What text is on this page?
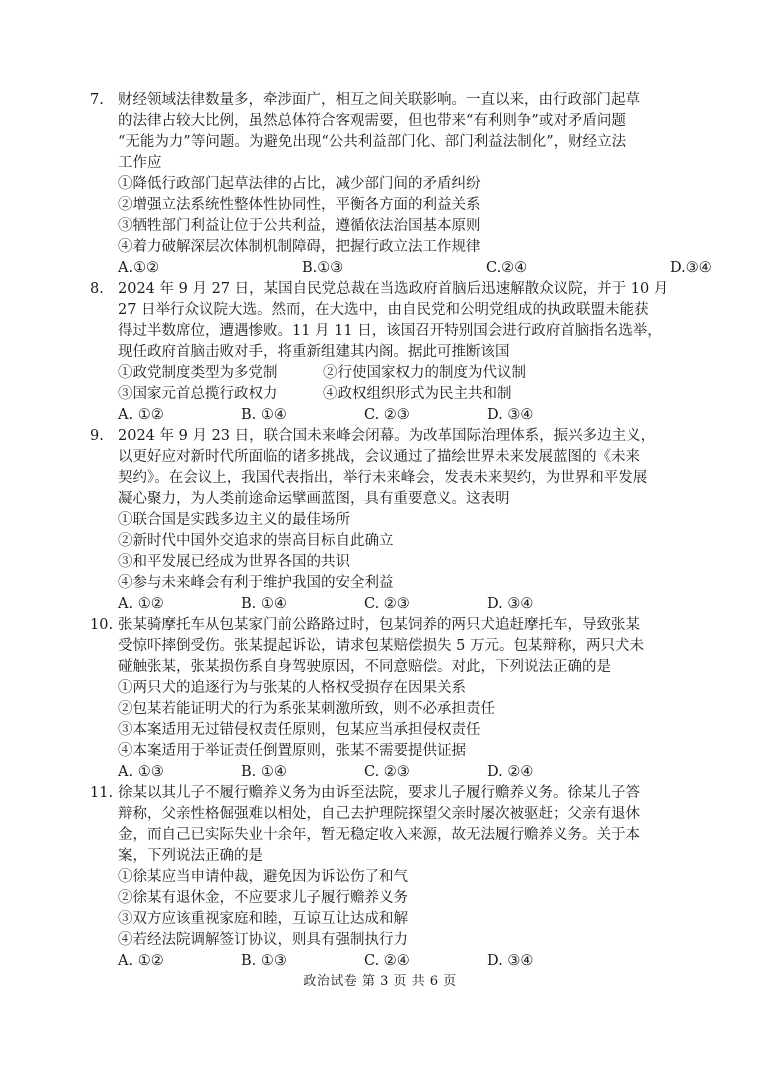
7. 财经领域法律数量多，牵涉面广，相互之间关联影响。一直以来，由行政部门起草
的法律占较大比例，虽然总体符合客观需要，但也带来“有利则争”或对矛盾问题
“无能为力”等问题。为避免出现“公共利益部门化、部门利益法制化”，财经立法
工作应
①降低行政部门起草法律的占比，减少部门间的矛盾纠纷
②增强立法系统性整体性协同性，平衡各方面的利益关系
③牺牲部门利益让位于公共利益，遵循依法治国基本原则
④着力破解深层次体制机制障碍，把握行政立法工作规律
A.①②	B.①③	C.②④	D.③④
8. 2024 年 9 月 27 日，某国自民党总裁在当选政府首脑后迅速解散众议院，并于 10 月
27 日举行众议院大选。然而，在大选中，由自民党和公明党组成的执政联盟未能获
得过半数席位，遭遇惨败。11 月 11 日，该国召开特别国会进行政府首脑指名选举，
现任政府首脑击败对手，将重新组建其内阁。据此可推断该国
①政党制度类型为多党制	②行使国家权力的制度为代议制
③国家元首总揽行政权力	④政权组织形式为民主共和制
A. ①②	B. ①④	C. ②③	D. ③④
9. 2024 年 9 月 23 日，联合国未来峰会闭幕。为改革国际治理体系，振兴多边主义，
以更好应对新时代所面临的诸多挑战，会议通过了描绘世界未来发展蓝图的《未来
契约》。在会议上，我国代表指出，举行未来峰会，发表未来契约，为世界和平发展
凝心聚力，为人类前途命运擘画蓝图，具有重要意义。这表明
①联合国是实践多边主义的最佳场所
②新时代中国外交追求的崇高目标自此确立
③和平发展已经成为世界各国的共识
④参与未来峰会有利于维护我国的安全利益
A. ①②	B. ①④	C. ②③	D. ③④
10. 张某骑摩托车从包某家门前公路路过时，包某饲养的两只犬追赶摩托车，导致张某
受惊吓摔倒受伤。张某提起诉讼，请求包某赔偿损失 5 万元。包某辩称，两只犬未
碰触张某，张某损伤系自身驾驶原因，不同意赔偿。对此，下列说法正确的是
①两只犬的追逐行为与张某的人格权受损存在因果关系
②包某若能证明犬的行为系张某刺激所致，则不必承担责任
③本案适用无过错侵权责任原则，包某应当承担侵权责任
④本案适用于举证责任倒置原则，张某不需要提供证据
A. ①③	B. ①④	C. ②③	D. ②④
11. 徐某以其儿子不履行赡养义务为由诉至法院，要求儿子履行赡养义务。徐某儿子答
辩称，父亲性格倔强难以相处，自己去护理院探望父亲时屡次被驱赶；父亲有退休
金，而自己已实际失业十余年，暂无稳定收入来源，故无法履行赡养义务。关于本
案，下列说法正确的是
①徐某应当申请仲裁，避免因为诉讼伤了和气
②徐某有退休金，不应要求儿子履行赡养义务
③双方应该重视家庭和睦，互谅互让达成和解
④若经法院调解签订协议，则具有强制执行力
A. ①②	B. ①③	C. ②④	D. ③④
政治试卷 第 3 页 共 6 页
